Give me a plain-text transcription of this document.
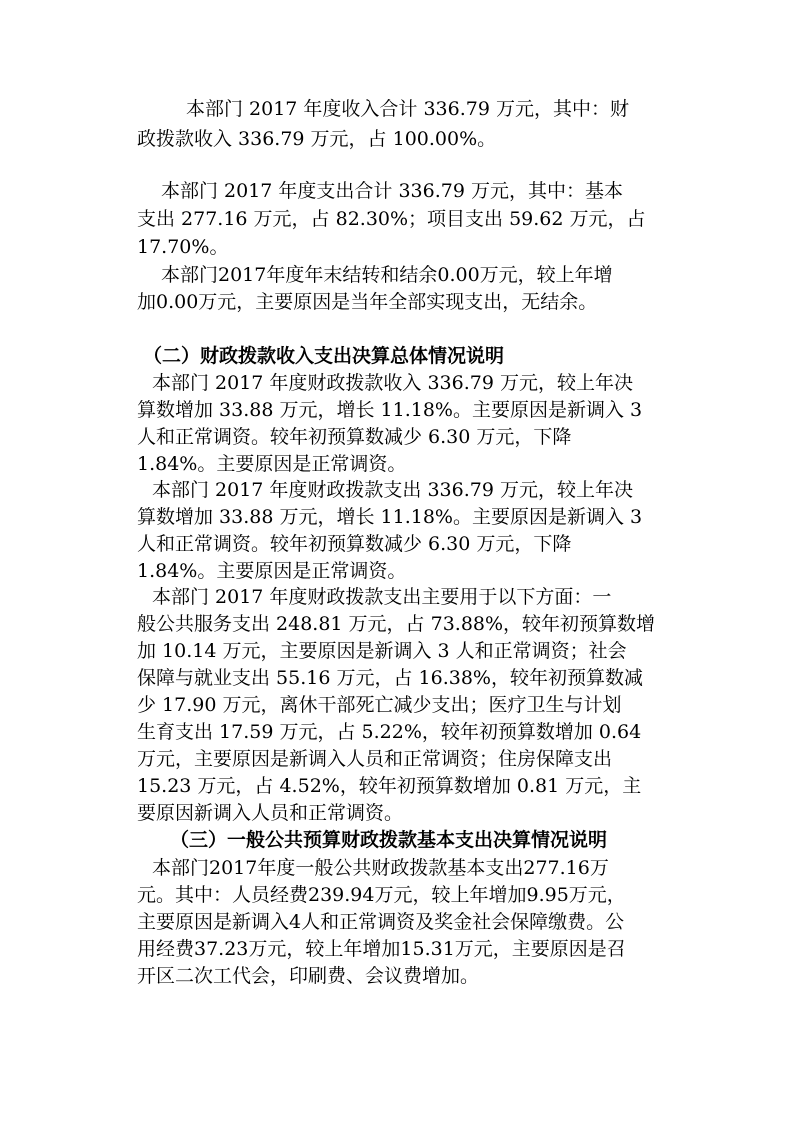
本部门 2017 年度收入合计 336.79 万元，其中：财
政拨款收入 336.79 万元，占 100.00%。
本部门 2017 年度支出合计 336.79 万元，其中：基本
支出 277.16 万元，占 82.30%；项目支出 59.62 万元，占
17.70%。
本部门2017年度年末结转和结余0.00万元，较上年增
加0.00万元，主要原因是当年全部实现支出，无结余。
（二）财政拨款收入支出决算总体情况说明
本部门 2017 年度财政拨款收入 336.79 万元，较上年决
算数增加 33.88 万元，增长 11.18%。主要原因是新调入 3
人和正常调资。较年初预算数减少 6.30 万元，下降
1.84%。主要原因是正常调资。
本部门 2017 年度财政拨款支出 336.79 万元，较上年决
算数增加 33.88 万元，增长 11.18%。主要原因是新调入 3
人和正常调资。较年初预算数减少 6.30 万元，下降
1.84%。主要原因是正常调资。
本部门 2017 年度财政拨款支出主要用于以下方面：一
般公共服务支出 248.81 万元，占 73.88%，较年初预算数增
加 10.14 万元，主要原因是新调入 3 人和正常调资；社会
保障与就业支出 55.16 万元，占 16.38%，较年初预算数减
少 17.90 万元，离休干部死亡减少支出；医疗卫生与计划
生育支出 17.59 万元，占 5.22%，较年初预算数增加 0.64
万元，主要原因是新调入人员和正常调资；住房保障支出
15.23 万元，占 4.52%，较年初预算数增加 0.81 万元，主
要原因新调入人员和正常调资。
（三）一般公共预算财政拨款基本支出决算情况说明
本部门2017年度一般公共财政拨款基本支出277.16万
元。其中：人员经费239.94万元，较上年增加9.95万元，
主要原因是新调入4人和正常调资及奖金社会保障缴费。公
用经费37.23万元，较上年增加15.31万元，主要原因是召
开区二次工代会，印刷费、会议费增加。
